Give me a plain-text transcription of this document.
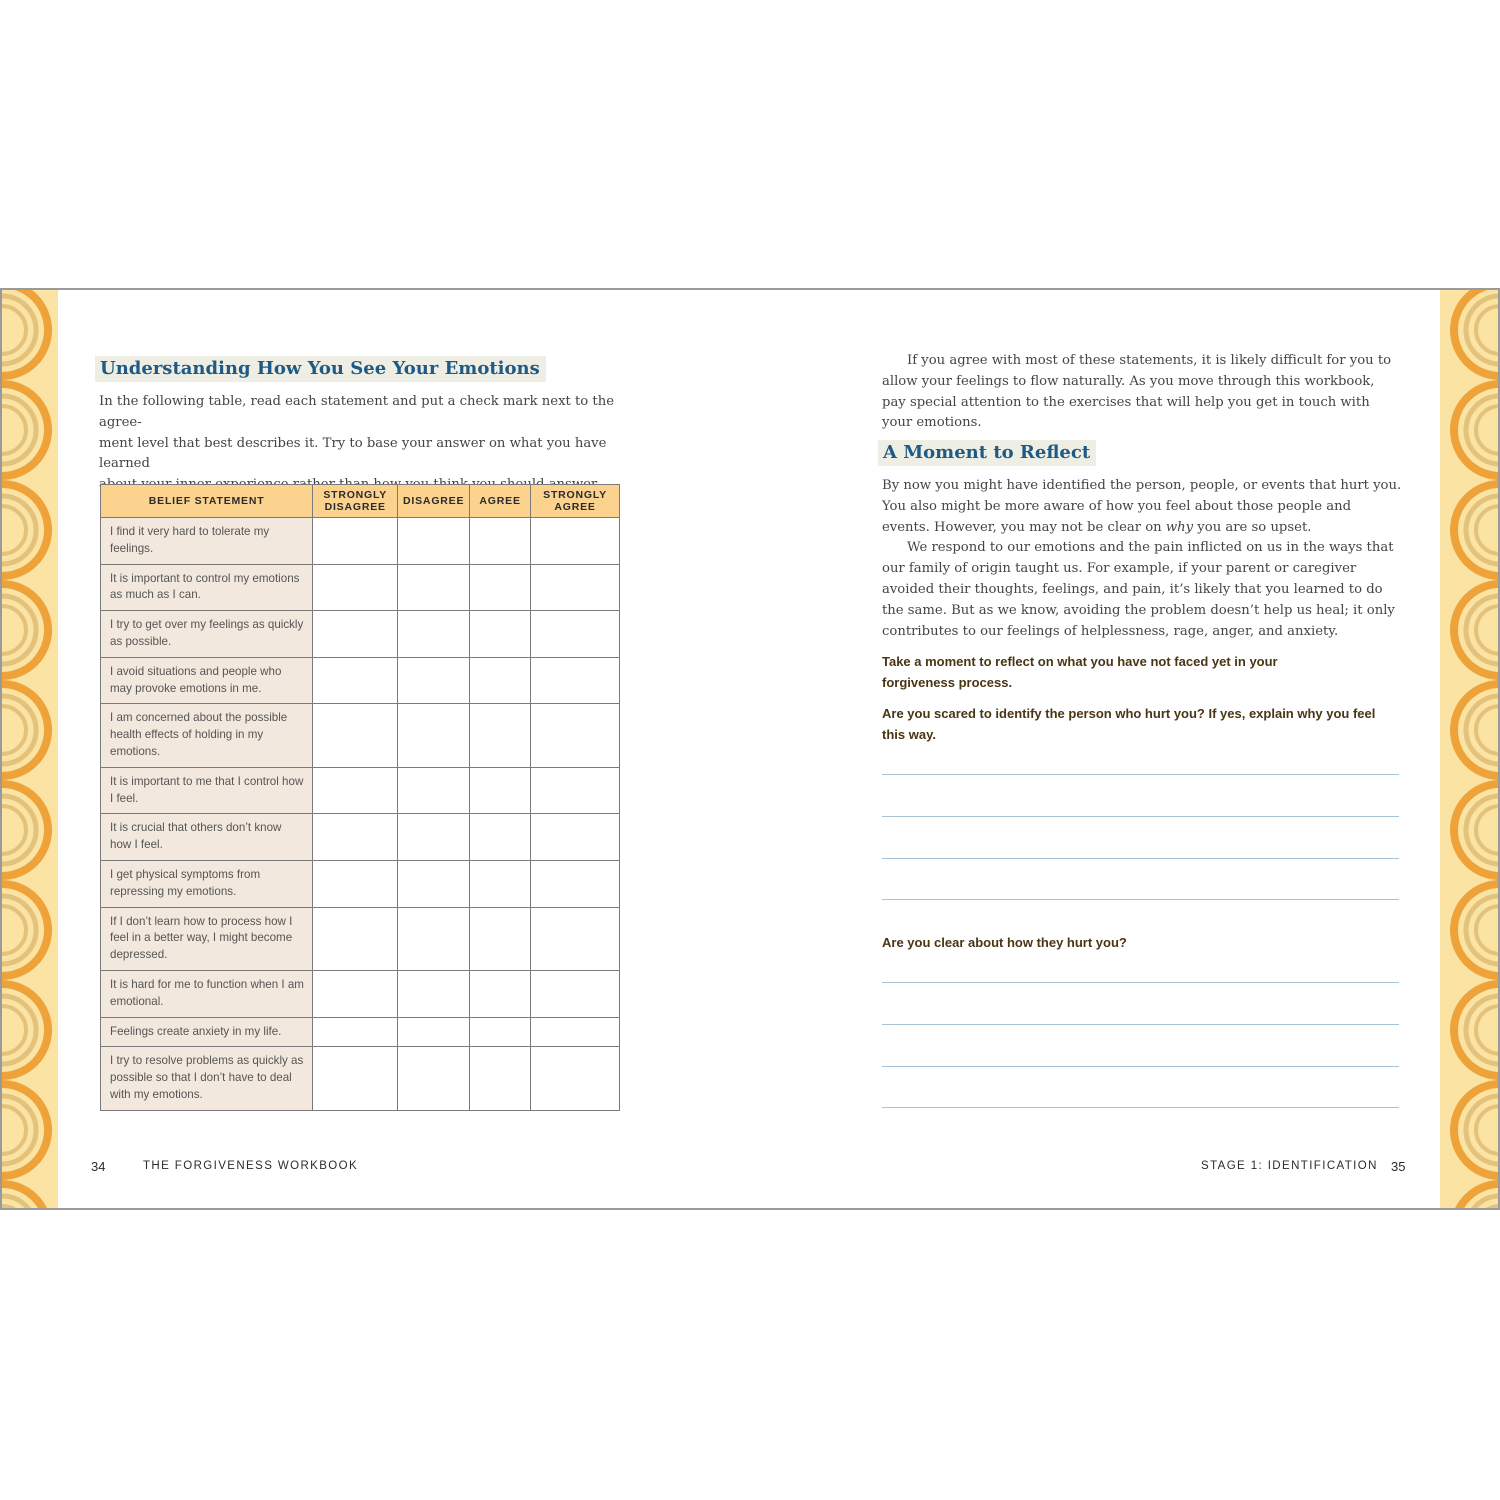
Understanding How You See Your Emotions
In the following table, read each statement and put a check mark next to the agree-
ment level that best describes it. Try to base your answer on what you have learned
BELIEF STATEMENT	STRONGLY DISAGREE	DISAGREE	AGREE	STRONGLY AGREE
I find it very hard to tolerate my feelings.				
It is important to control my emotions as much as I can.				
I try to get over my feelings as quickly as possible.				
I avoid situations and people who may provoke emotions in me.				
I am concerned about the possible health effects of holding in my emotions.				
It is important to me that I control how I feel.				
It is crucial that others don’t know how I feel.				
I get physical symptoms from repressing my emotions.				
If I don’t learn how to process how I feel in a better way, I might become depressed.				
It is hard for me to function when I am emotional.				
Feelings create anxiety in my life.				
I try to resolve problems as quickly as possible so that I don’t have to deal with my emotions.				
34	THE FORGIVENESS WORKBOOK
If you agree with most of these statements, it is likely difficult for you to allow your feelings to flow naturally. As you move through this workbook, pay special attention to the exercises that will help you get in touch with your emotions.
A Moment to Reflect

By now you might have identified the person, people, or events that hurt you. You also might be more aware of how you feel about those people and events. However, you may not be clear on why you are so upset.

We respond to our emotions and the pain inflicted on us in the ways that our family of origin taught us. For example, if your parent or caregiver avoided their thoughts, feelings, and pain, it’s likely that you learned to do the same. But as we know, avoiding the problem doesn’t help us heal; it only contributes to our feelings of helplessness, rage, anger, and anxiety.

Take a moment to reflect on what you have not faced yet in your forgiveness process.
Are you scared to identify the person who hurt you? If yes, explain why you feel this way.
Are you clear about how they hurt you?
STAGE 1: IDENTIFICATION 35
